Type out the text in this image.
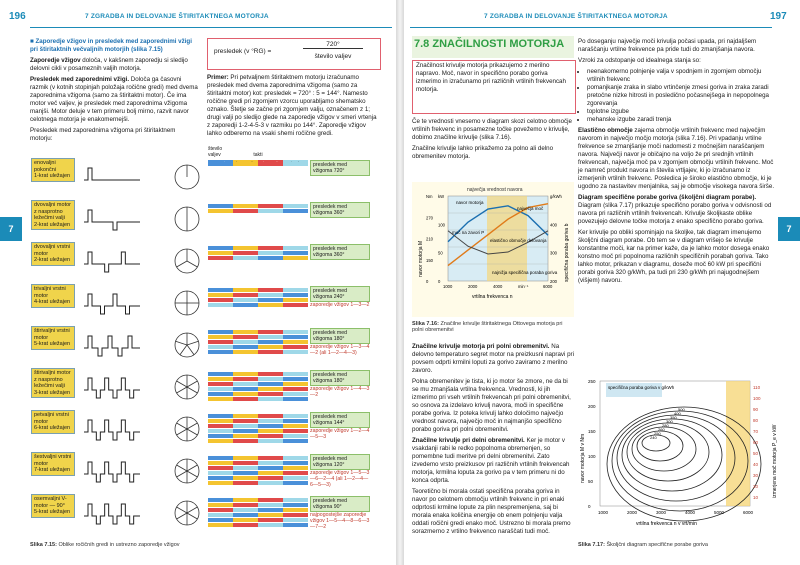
196	7 ZGRADBA IN DELOVANJE ŠTIRITAKTNEGA MOTORJA
7

■ Zaporedje vžigov in presledek med zaporednimi vžigi pri štiritaktnih večvaljnih motorjih (slika 7.15)

Zaporedje vžigov določa, v kakšnem zaporedju si sledijo delovni cikli v posameznih valjih motorja.

Presledek med zaporednimi vžigi. Določa ga časovni razmik (v kotnih stopinjah položaja ročične gredi) med dvema zaporednima vžigoma (samo za štiritaktni motor). Če ima motor več valjev, je presledek med zaporednima vžigoma manjši. Motor deluje v tem primeru bolj mirno, razvit navor celotnega motorja je enakomernejši.

Presledek med zaporednima vžigoma pri štiritaktnem motorju:

presledek (v °RG) =
720°
število valjev

Primer: Pri petvaljnem štiritaktnem motorju izračunamo presledek med dvema zaporednima vžigoma (samo za štiritaktni motor) kot: presledek = 720° : 5 = 144°. Namesto ročične gredi pri zgornjem vzorcu uporabljamo shematsko oznako. Štetje se začne pri zgornjem valju, označenem z 1; drugi valji po sledijo glede na zaporedje vžigov v smeri vrtenja z zaporedji 1-2-4-5-3 v razmiku po 144°. Zaporedje vžigov lahko odberemo na vsaki shemi ročične gredi.

število valjev	takti
enovaljni pokončni
1-krat uležajen
presledek med vžigoma 720°
dvovaljni motor z nasprotno ležečimi valji
2-krat uležajen
presledek med vžigoma 360°
dvovaljni vrstni motor
2-krat uležajen
presledek med vžigoma 360°
trivaljni vrstni motor
4-krat uležajen
presledek med vžigoma 240°
zaporedje vžigov 1—3—2
štirivaljni vrstni motor
5-krat uležajen
presledek med vžigoma 180°
zaporedje vžigov 1—3—4—2 (ali 1—2—4—3)
štirivaljni motor z nasprotno ležečimi valji
3-krat uležajen
presledek med vžigoma 180°
zaporedje vžigov 1—4—3—2
petvaljni vrstni motor
6-krat uležajen
presledek med vžigoma 144°
zaporedje vžigov 1—2—4—5—3
šestvaljni vrstni motor
7-krat uležajen
presledek med vžigoma 120°
zaporedje vžigov 1—5—3—6—2—4 (ali 1—2—4—6—5—3)
osemvaljni V-motor — 90°
5-krat uležajen
presledek med vžigoma 90°
najpogostejše zaporedje vžigov 1—5—4—8—6—3—7—2
Slika 7.15: Oblike ročičnih gredi in ustrezno zaporedje vžigov
197
7 ZGRADBA IN DELOVANJE ŠTIRITAKTNEGA MOTORJA
7
7.8 ZNAČILNOSTI MOTORJA
Značilnost krivulje motorja prikazujemo z merilno napravo. Moč, navor in specifično porabo goriva izmerimo in izračunamo pri različnih vrtilnih frekvencah motorja.

Če te vrednosti vnesemo v diagram skozi celotno območje vrtilnih frekvenc in posamezne točke povežemo v krivulje, dobimo značilne krivulje (slika 7.16).

Značilne krivulje lahko prikažemo za polno ali delno obremenitev motorja.

največja vrednost navora
1000	2000	4000	min⁻¹	6000
0
150
210
270
Nm
0
50
100
kW
200
300
400
g/kWh
navor motorja
največja moč
moč na zavori P
elastično območje delovanja
najnižja specifična poraba goriva
vrtilna frekvenca n
navor motorja M	specifična poraba goriva b
Slika 7.16: Značilne krivulje štiritaktnega Ottovega motorja pri polni obremenitvi

Značilne krivulje motorja pri polni obremenitvi. Na delovno temperaturo segret motor na preizkusni napravi pri povsem odprti krmilni loputi za gorivo zaviramo z merilno zavoro.

Polna obremenitev je tista, ki jo motor še zmore, ne da bi se mu zmanjšala vrtilna frekvenca. Vrednosti, ki jih izmerimo pri vseh vrtilnih frekvencah pri polni obremenitvi, so osnova za izdelavo krivulj navora, moči in specifične porabe goriva. Iz poteka krivulj lahko določimo največjo vrednost navora, največjo moč in najmanjšo specifično porabo goriva pri polni obremenitvi.

Značilne krivulje pri delni obremenitvi. Ker je motor v vsakdanji rabi le redko popolnoma obremenjen, so pomembne tudi meritve pri delni obremenitvi. Zato izvedemo vrsto preizkusov pri različnih vrtilnih frekvencah motorja, krmilna loputa za gorivo pa v tem primeru ni do konca odprta.

Teoretično bi morala ostati specifična poraba goriva in navor po celotnem območju vrtilnih frekvenc in pri enaki odprtosti krmilne lopute za plin nespremenjena, saj bi morala enaka količina energije ob enem polnjenju valja oddati ročični gredi enako moč. Ustrezno bi morala premo sorazmerno z vrtilno frekvenco naraščati tudi moč.

Po doseganju največje moči krivulja počasi upada, pri najdaljšem naraščanju vrtilne frekvence pa pride tudi do zmanjšanja navora.

Vzroki za odstopanje od idealnega stanja so:

• neenakomerno polnjenje valja v spodnjem in zgornjem območju vrtilnih frekvenc
• pomanjkanje zraka in slabo vrtinčenje zmesi goriva in zraka zaradi pretočne nizke hitrosti in posledično počasnejšega in nepopolnega zgorevanja
• toplotne izgube
• mehanske izgube zaradi trenja

Elastično območje zajema območje vrtilnih frekvenc med največjim navorom in največjo močjo motorja (slika 7.16). Pri vpadanju vrtilne frekvence se zmanjšanje moči nadomesti z močnejšim naraščanjem navora. Največji navor je običajno na voljo že pri srednjih vrtilnih frekvencah, največja moč pa v zgornjem območju vrtilnih frekvenc. Moč je namreč produkt navora in števila vrtljajev, ki jo izračunamo iz izmerjenih vrtilnih frekvenc. Posledica je široko elastično območje, ki je ugodno za nastavitev menjalnika, saj je območje visokega navora širše.

Diagram specifične porabe goriva (školjčni diagram porabe). Diagram (slika 7.17) prikazuje specifično porabo goriva v odvisnosti od navora pri različnih vrtilnih frekvencah. Krivulje školjkaste oblike povezujejo delovne točke motorja z enako specifično porabo goriva.

Ker krivulje po obliki spominjajo na školjke, tak diagram imenujemo školjčni diagram porabe. Ob tem se v diagram vrišejo še krivulje konstantne moči, kar na primer kaže, da je lahko motor dosega enako konstno moč pri popolnoma različnih specifičnih porabah goriva. Tako lahko motor, prikazan v diagramu, doseže moč 60 kW pri specifični porabi goriva 320 g/kWh, pa tudi pri 230 g/kWh pri najugodnejšem (višjem) navoru.

specifična poraba goriva v g/kWh
240
250
260
280
300
350
400
500
1000	2000	3000	4000	5000	6000
0
50
100
150
200
250
110
100
90
80
70
60
50
40
30
20
10
vrtilna frekvenca n v vrt/min
navor motorja M v Nm	izmerjena moč motorja P_e v kW
Slika 7.17: Školjčni diagram specifične porabe goriva
